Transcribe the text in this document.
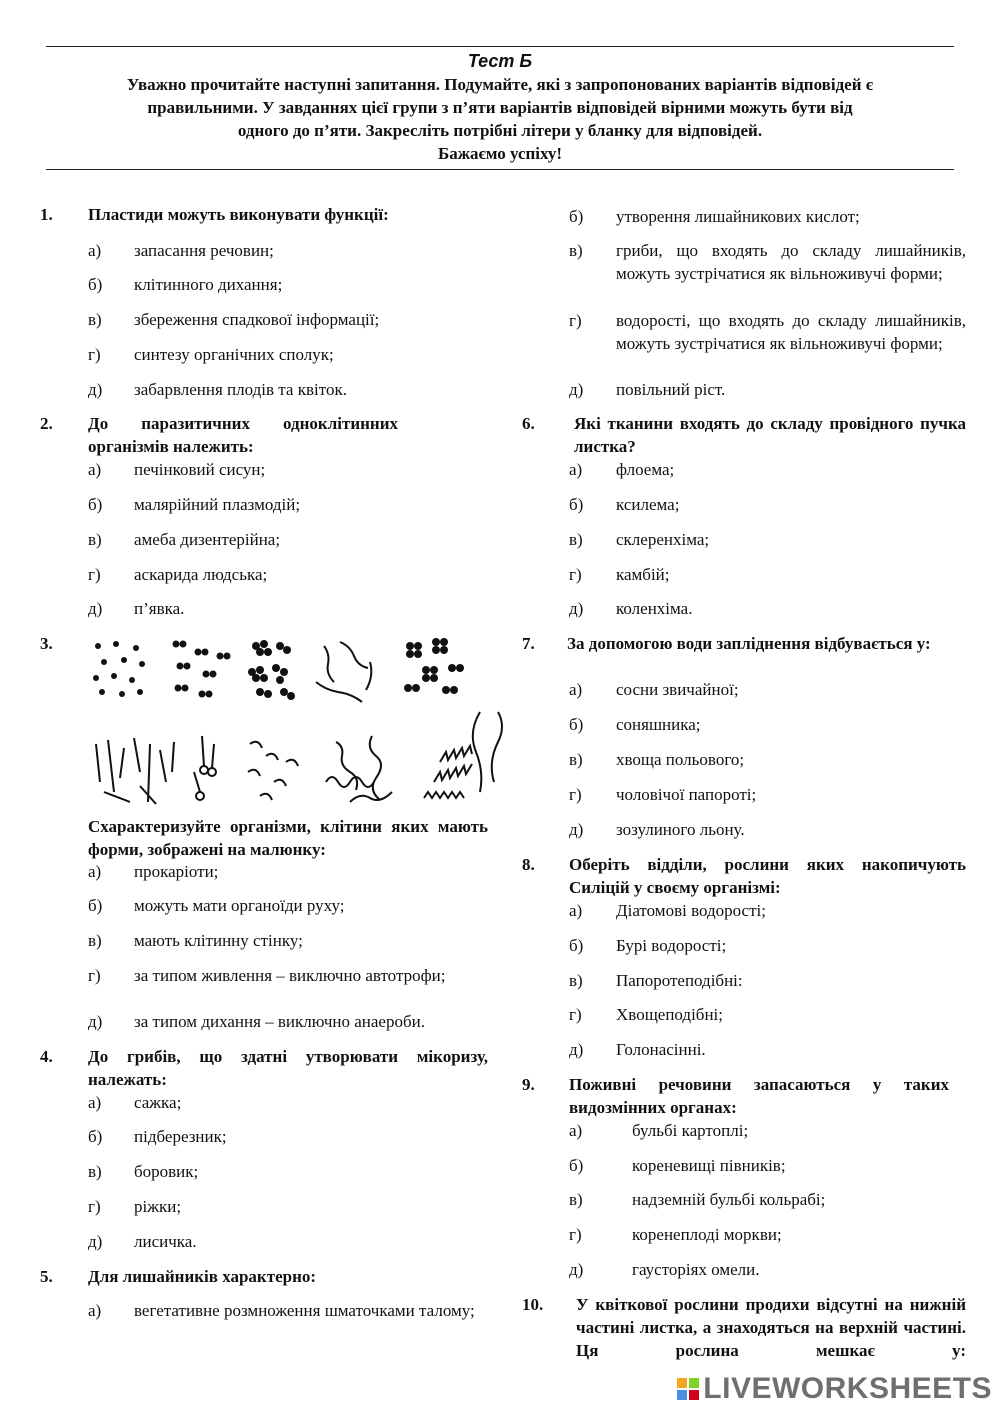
Тест Б
Уважно прочитайте наступні запитання. Подумайте, які з запропонованих варіантів відповідей є
правильними. У завданнях цієї групи з п’яти варіантів відповідей вірними можуть бути від
одного до п’яти. Закресліть потрібні літери у бланку для відповідей.
Бажаємо успіху!
1. Пластиди можуть виконувати функції:
а) запасання речовин;
б) клітинного дихання;
в) збереження спадкової інформації;
г) синтезу органічних сполук;
д) забарвлення плодів та квіток.
2. До паразитичних одноклітинних організмів належить:
а) печінковий сисун;
б) малярійний плазмодій;
в) амеба дизентерійна;
г) аскарида людська;
д) п’явка.
3.
Схарактеризуйте організми, клітини яких мають форми, зображені на малюнку:
а) прокаріоти;
б) можуть мати органоїди руху;
в) мають клітинну стінку;
г) за типом живлення – виключно автотрофи;
д) за типом дихання – виключно анаероби.
4. До грибів, що здатні утворювати мікоризу, належать:
а) сажка;
б) підберезник;
в) боровик;
г) ріжки;
д) лисичка.
5. Для лишайників характерно:
а) вегетативне розмноження шматочками талому;
б) утворення лишайникових кислот;
в) гриби, що входять до складу лишайників, можуть зустрічатися як вільноживучі форми;
г) водорості, що входять до складу лишайників, можуть зустрічатися як вільноживучі форми;
д) повільний ріст.
6. Які тканини входять до складу провідного пучка листка?
а) флоема;
б) ксилема;
в) склеренхіма;
г) камбій;
д) коленхіма.
7. За допомогою води запліднення відбувається у:
а) сосни звичайної;
б) соняшника;
в) хвоща польового;
г) чоловічої папороті;
д) зозулиного льону.
8. Оберіть відділи, рослини яких накопичують Силіцій у своєму організмі:
а) Діатомові водорості;
б) Бурі водорості;
в) Папоротеподібні:
г) Хвощеподібні;
д) Голонасінні.
9. Поживні речовини запасаються у таких видозмінних органах:
а)	бульбі картоплі;
б)	кореневищі півників;
в)	надземній бульбі кольрабі;
г)	коренеплоді моркви;
д)	гаусторіях омели.
10. У квіткової рослини продихи відсутні на нижній частині листка, а знаходяться на верхній частині. Ця рослина мешкає у:
LIVEWORKSHEETS
